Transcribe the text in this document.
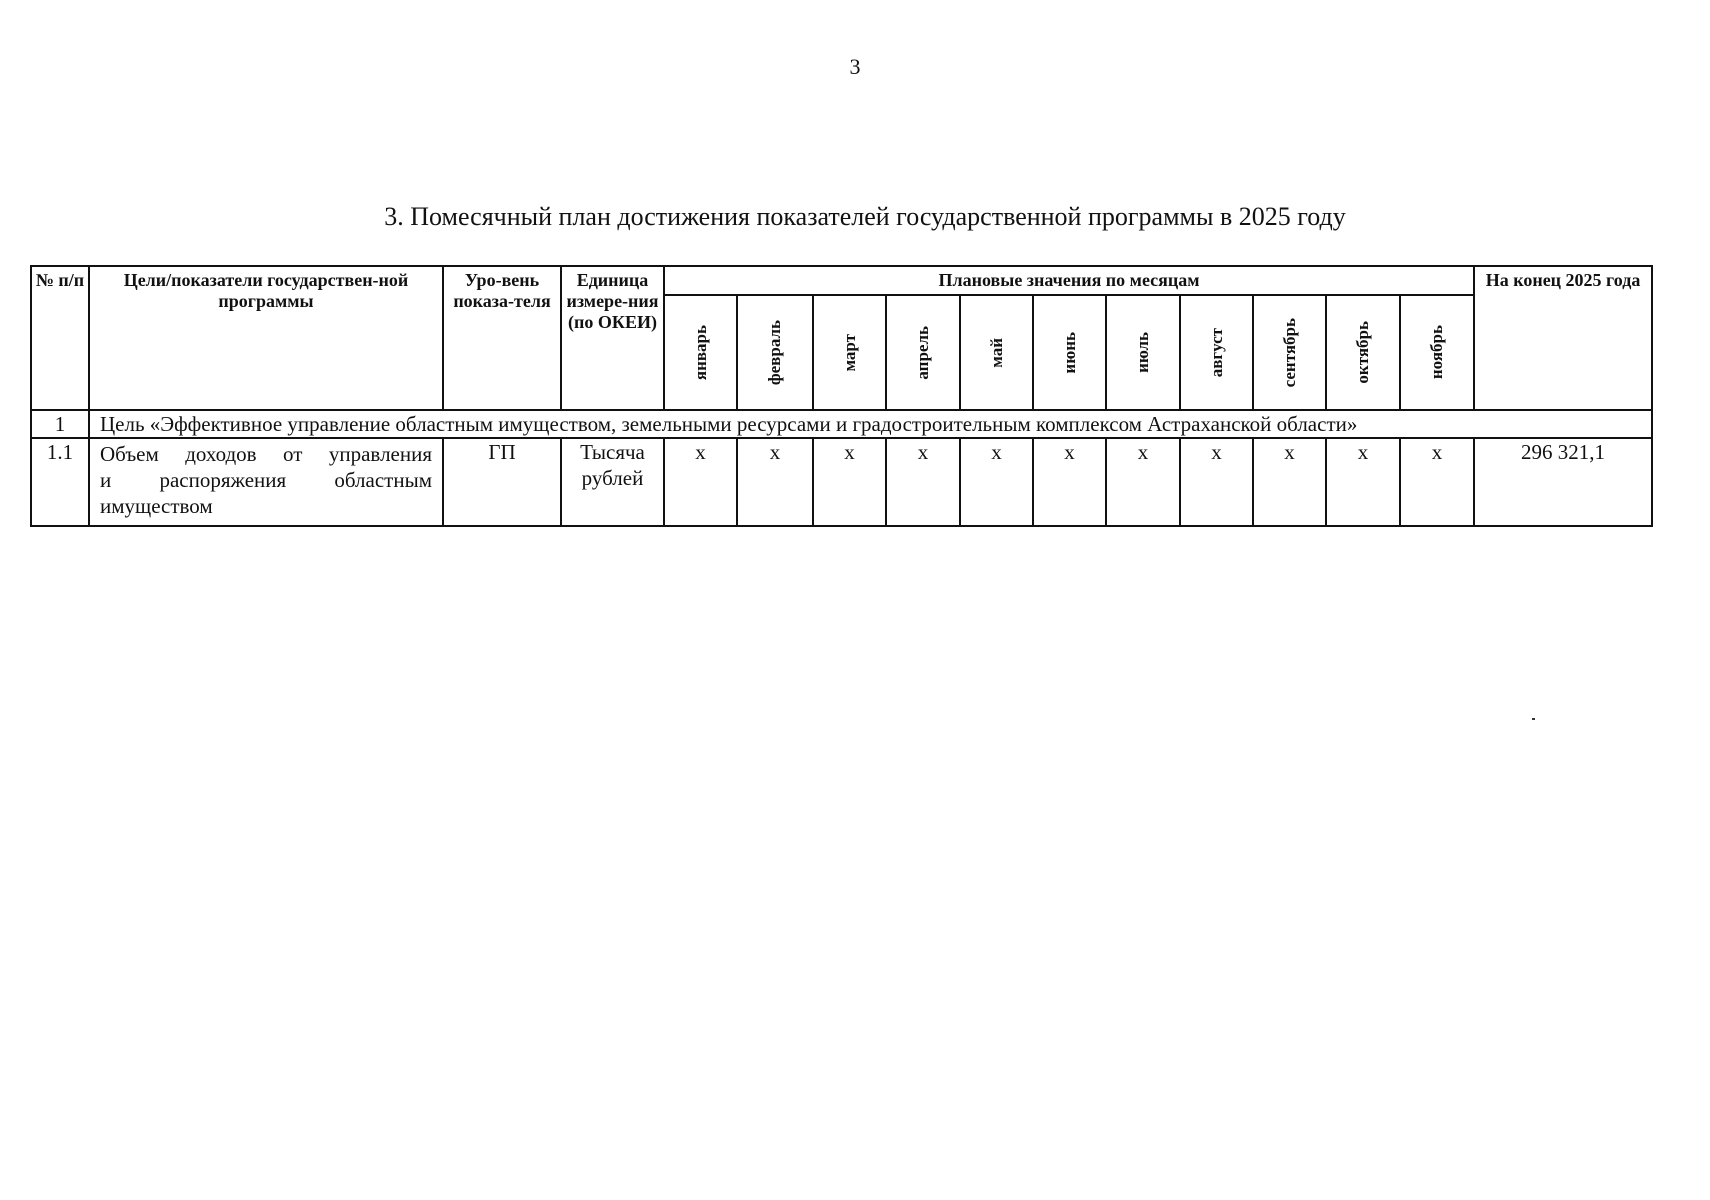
3
3. Помесячный план достижения показателей государственной программы в 2025 году
№ п/п	Цели/показатели государствен-ной программы	Уро-вень показа-теля	Единица измере-ния (по ОКЕИ)	Плановые значения по месяцам											На конец 2025 года

				январь	февраль	март	апрель	май	июнь	июль	август	сентябрь	октябрь	ноябрь	

1	Цель «Эффективное управление областным имуществом, земельными ресурсами и градостроительным комплексом Астраханской области»														
1.1	Объем доходов от управления
и распоряжения областным
имуществом	ГП	Тысяча рублей	х	х	х	х	х	х	х	х	х	х	х	296 321,1
